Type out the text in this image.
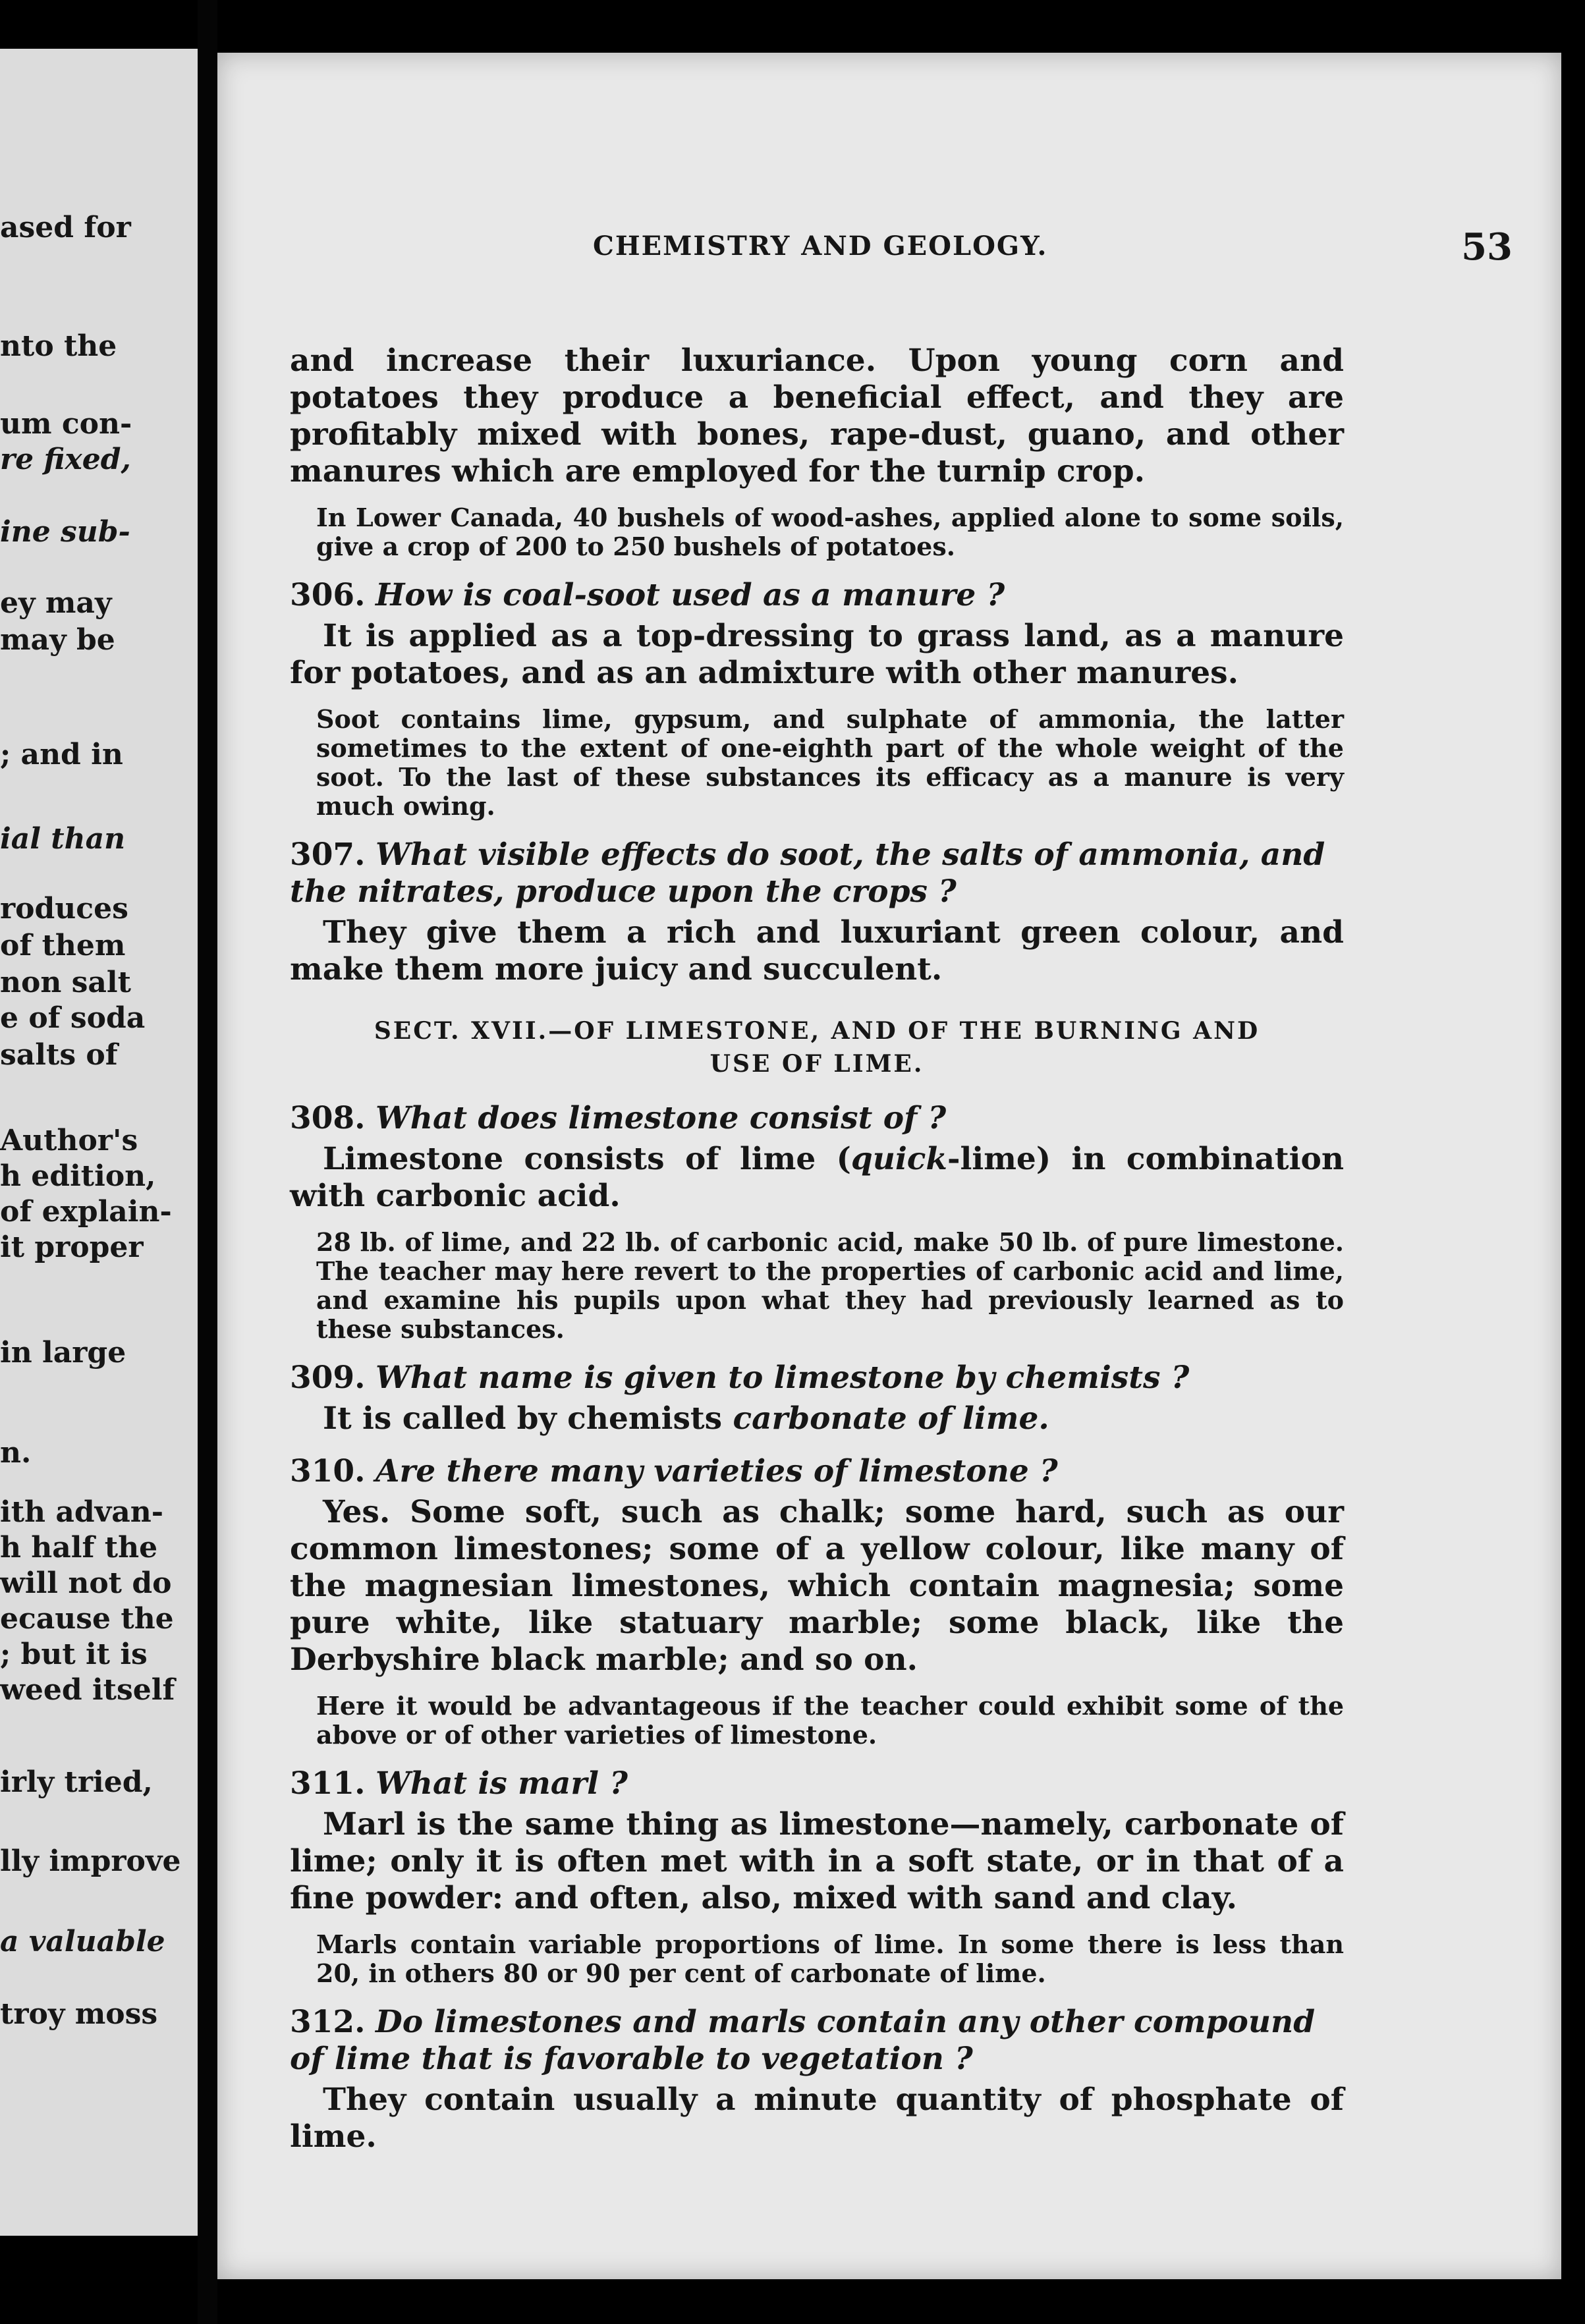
ased for
nto the
um con-
re fixed,
ine sub-
ey may
may be
; and in
ial than
roduces
of them
non salt
e of soda
salts of
Author's
h edition,
of explain-
it proper
in large
n.
ith advan-
h half the
will not do
ecause the
; but it is
weed itself
irly tried,
lly improve
a valuable
troy moss
CHEMISTRY AND GEOLOGY.	53

and increase their luxuriance. Upon young corn and potatoes they produce a beneficial effect, and they are profitably mixed with bones, rape-dust, guano, and other manures which are employed for the turnip crop.

In Lower Canada, 40 bushels of wood-ashes, applied alone to some soils, give a crop of 200 to 250 bushels of potatoes.

306. How is coal-soot used as a manure ?

It is applied as a top-dressing to grass land, as a manure for potatoes, and as an admixture with other manures.

Soot contains lime, gypsum, and sulphate of ammonia, the latter sometimes to the extent of one-eighth part of the whole weight of the soot. To the last of these substances its efficacy as a manure is very much owing.

307. What visible effects do soot, the salts of ammonia, and the nitrates, produce upon the crops ?

They give them a rich and luxuriant green colour, and make them more juicy and succulent.

SECT. XVII.—OF LIMESTONE, AND OF THE BURNING AND
USE OF LIME.

308. What does limestone consist of ?

Limestone consists of lime (quick-lime) in combination with carbonic acid.

28 lb. of lime, and 22 lb. of carbonic acid, make 50 lb. of pure limestone. The teacher may here revert to the properties of carbonic acid and lime, and examine his pupils upon what they had previously learned as to these substances.

309. What name is given to limestone by chemists ?

It is called by chemists carbonate of lime.

310. Are there many varieties of limestone ?

Yes. Some soft, such as chalk; some hard, such as our common limestones; some of a yellow colour, like many of the magnesian limestones, which contain magnesia; some pure white, like statuary marble; some black, like the Derbyshire black marble; and so on.

Here it would be advantageous if the teacher could exhibit some of the above or of other varieties of limestone.

311. What is marl ?

Marl is the same thing as limestone—namely, carbonate of lime; only it is often met with in a soft state, or in that of a fine powder: and often, also, mixed with sand and clay.

Marls contain variable proportions of lime. In some there is less than 20, in others 80 or 90 per cent of carbonate of lime.

312. Do limestones and marls contain any other compound of lime that is favorable to vegetation ?

They contain usually a minute quantity of phosphate of lime.
